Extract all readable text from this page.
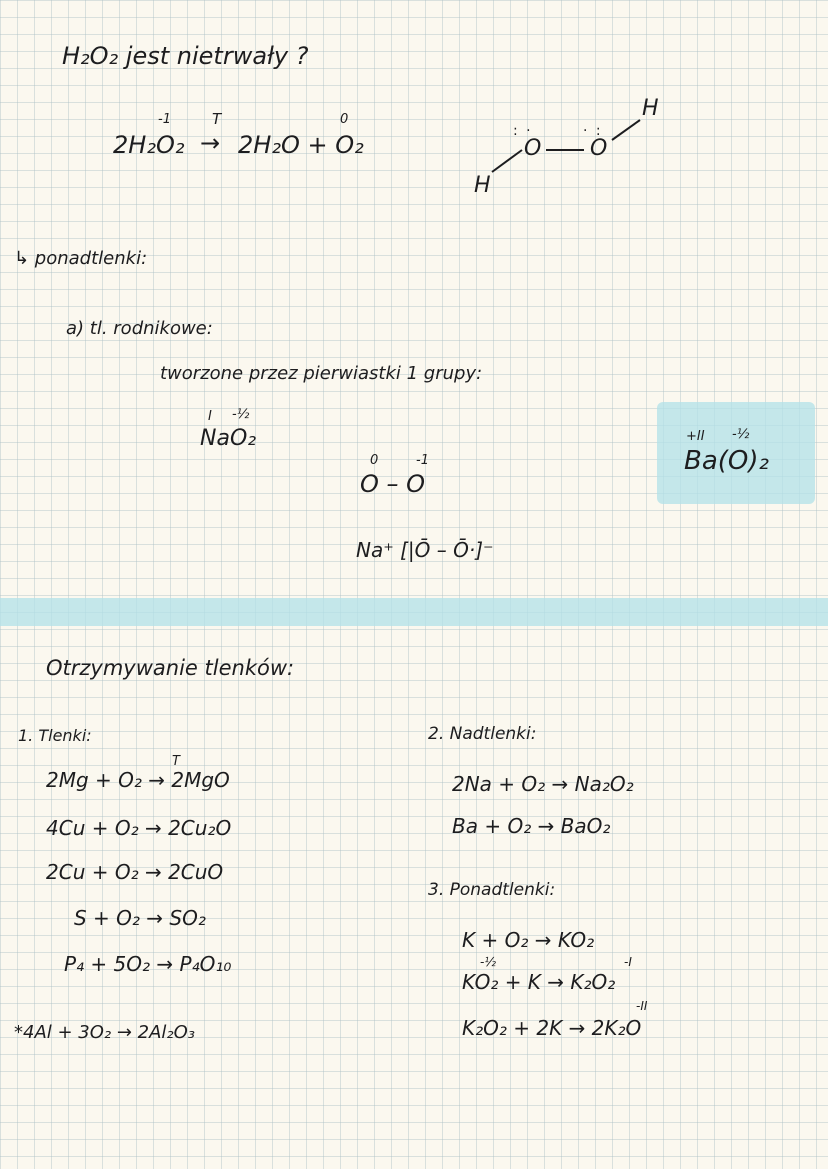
H₂O₂ jest nietrwały ?
-1
2H₂O₂
T
→
0
2H₂O + O₂
H
O
: ·
O
· :
H
↳ ponadtlenki:
a) tl. rodnikowe:
tworzone przez pierwiastki 1 grupy:
I -½
NaO₂
0	-1
O – O
Na⁺ [|Ō – Ō·]⁻
+II -½
Ba(O)₂
Otrzymywanie tlenków:
1. Tlenki:
T
2Mg + O₂ → 2MgO
4Cu + O₂ → 2Cu₂O
2Cu + O₂ → 2CuO
S + O₂ → SO₂
P₄ + 5O₂ → P₄O₁₀
*4Al + 3O₂ → 2Al₂O₃
2. Nadtlenki:
2Na + O₂ → Na₂O₂
Ba + O₂ → BaO₂
3. Ponadtlenki:
K + O₂ → KO₂
-½	-I
KO₂ + K → K₂O₂
-II
K₂O₂ + 2K → 2K₂O
